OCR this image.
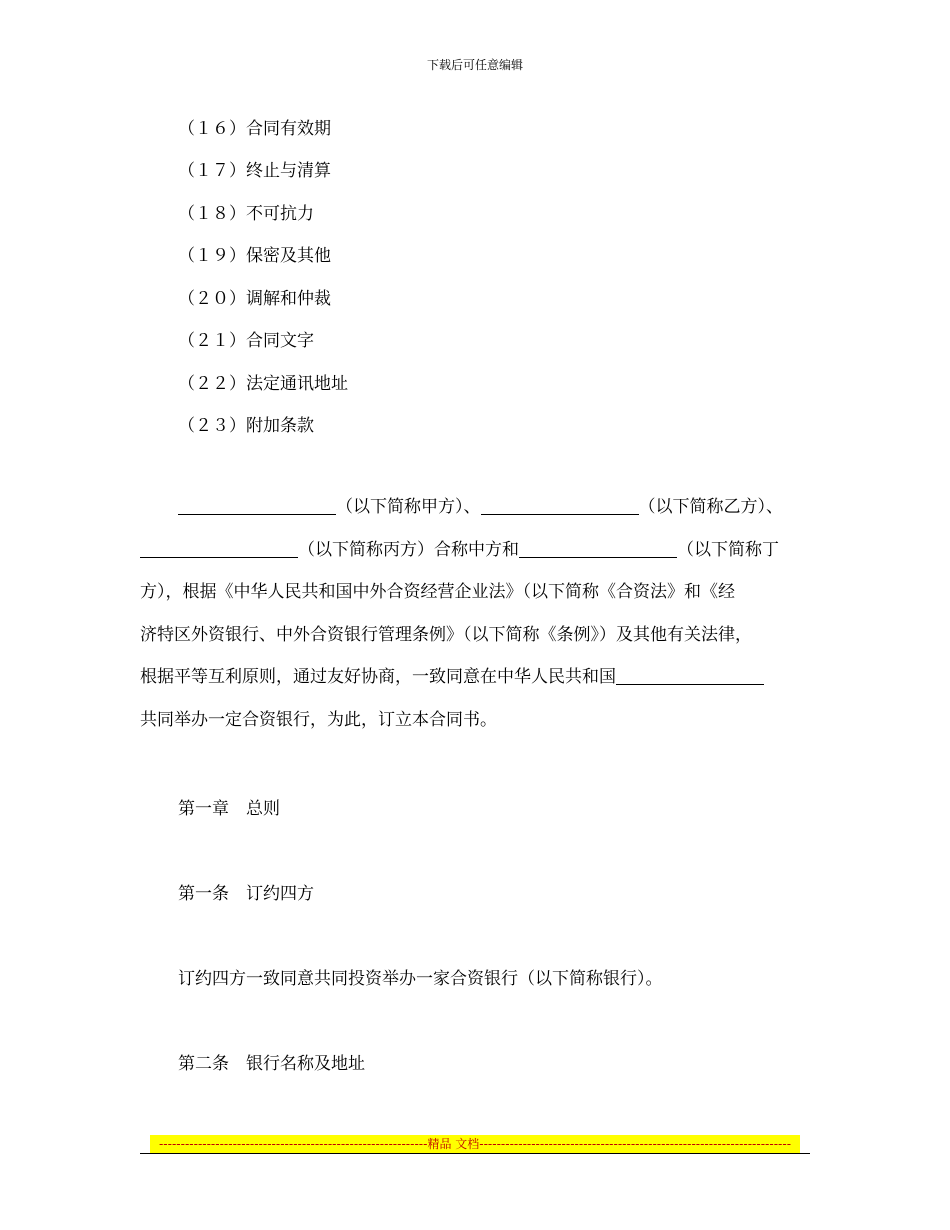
下载后可任意编辑
（１６）合同有效期
（１７）终止与清算
（１８）不可抗力
（１９）保密及其他
（２０）调解和仲裁
（２１）合同文字
（２２）法定通讯地址
（２３）附加条款
（以下简称甲方）、	（以下简称乙方）、
（以下简称丙方）合称中方和	（以下简称丁
方），根据《中华人民共和国中外合资经营企业法》（以下简称《合资法》和《经
济特区外资银行、中外合资银行管理条例》（以下简称《条例》）及其他有关法律，
根据平等互利原则，通过友好协商，一致同意在中华人民共和国
共同举办一定合资银行，为此，订立本合同书。
第一章　总则
第一条　订约四方
订约四方一致同意共同投资举办一家合资银行（以下简称银行）。
第二条　银行名称及地址
--------------------------------------------------------------精品 文档------------------------------------------------------------------------
